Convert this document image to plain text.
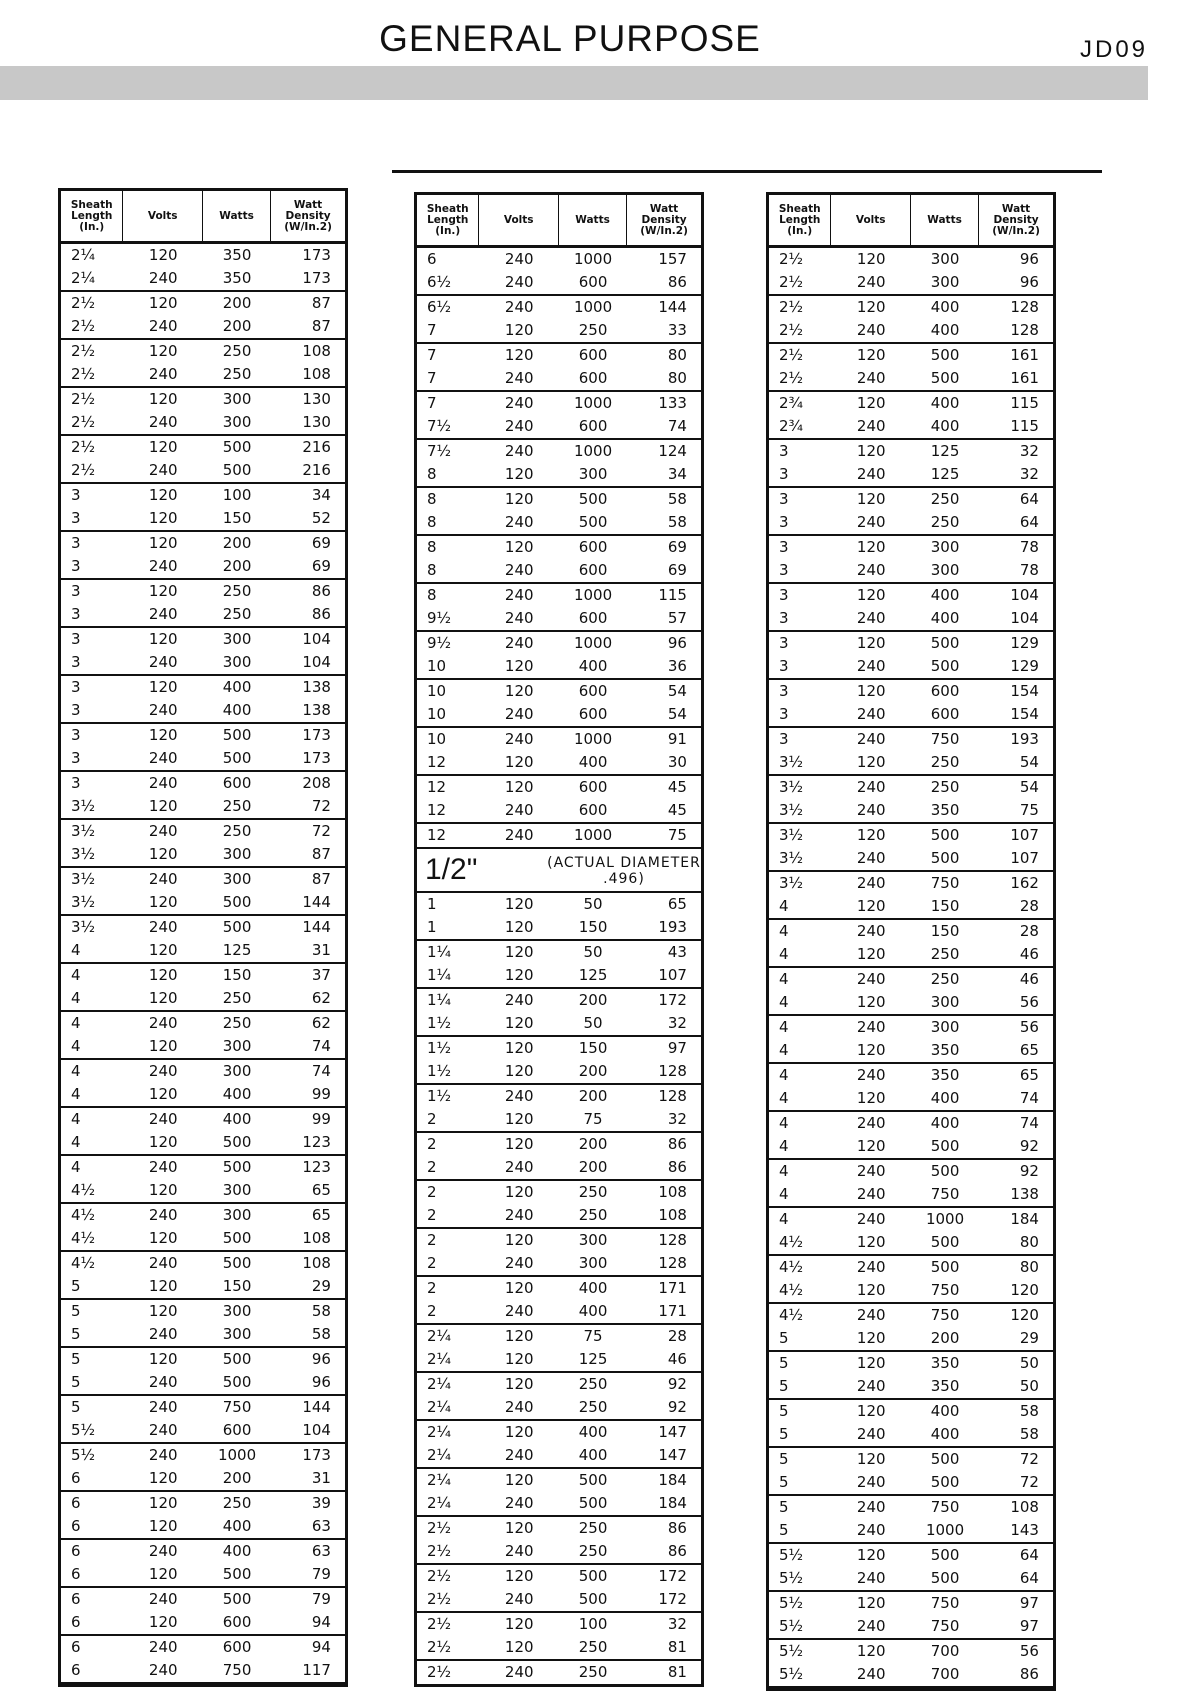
GENERAL PURPOSE	JD09
Sheath Length (In.)
Volts	Watts
Watt Density (W/In.2)
2¼	120	350	173
2¼	240	350	173
2½	120	200	87
2½	240	200	87
2½	120	250	108
2½	240	250	108
2½	120	300	130
2½	240	300	130
2½	120	500	216
2½	240	500	216
3	120	100	34
3	120	150	52
3	120	200	69
3	240	200	69
3	120	250	86
3	240	250	86
3	120	300	104
3	240	300	104
3	120	400	138
3	240	400	138
3	120	500	173
3	240	500	173
3	240	600	208
3½	120	250	72
3½	240	250	72
3½	120	300	87
3½	240	300	87
3½	120	500	144
3½	240	500	144
4	120	125	31
4	120	150	37
4	120	250	62
4	240	250	62
4	120	300	74
4	240	300	74
4	120	400	99
4	240	400	99
4	120	500	123
4	240	500	123
4½	120	300	65
4½	240	300	65
4½	120	500	108
4½	240	500	108
5	120	150	29
5	120	300	58
5	240	300	58
5	120	500	96
5	240	500	96
5	240	750	144
5½	240	600	104
5½	240	1000	173
6	120	200	31
6	120	250	39
6	120	400	63
6	240	400	63
6	120	500	79
6	240	500	79
6	120	600	94
6	240	600	94
6	240	750	117
Sheath Length (In.)
Volts	Watts
Watt Density (W/In.2)
6	240	1000	157
6½	240	600	86
6½	240	1000	144
7	120	250	33
7	120	600	80
7	240	600	80
7	240	1000	133
7½	240	600	74
7½	240	1000	124
8	120	300	34
8	120	500	58
8	240	500	58
8	120	600	69
8	240	600	69
8	240	1000	115
9½	240	600	57
9½	240	1000	96
10	120	400	36
10	120	600	54
10	240	600	54
10	240	1000	91
12	120	400	30
12	120	600	45
12	240	600	45
12	240	1000	75
1/2"	(ACTUAL DIAMETER .496)
1	120	50	65
1	120	150	193
1¼	120	50	43
1¼	120	125	107
1¼	240	200	172
1½	120	50	32
1½	120	150	97
1½	120	200	128
1½	240	200	128
2	120	75	32
2	120	200	86
2	240	200	86
2	120	250	108
2	240	250	108
2	120	300	128
2	240	300	128
2	120	400	171
2	240	400	171
2¼	120	75	28
2¼	120	125	46
2¼	120	250	92
2¼	240	250	92
2¼	120	400	147
2¼	240	400	147
2¼	120	500	184
2¼	240	500	184
2½	120	250	86
2½	240	250	86
2½	120	500	172
2½	240	500	172
2½	120	100	32
2½	120	250	81
2½	240	250	81
Sheath Length (In.)
Volts	Watts
Watt Density (W/In.2)
2½	120	300	96
2½	240	300	96
2½	120	400	128
2½	240	400	128
2½	120	500	161
2½	240	500	161
2¾	120	400	115
2¾	240	400	115
3	120	125	32
3	240	125	32
3	120	250	64
3	240	250	64
3	120	300	78
3	240	300	78
3	120	400	104
3	240	400	104
3	120	500	129
3	240	500	129
3	120	600	154
3	240	600	154
3	240	750	193
3½	120	250	54
3½	240	250	54
3½	240	350	75
3½	120	500	107
3½	240	500	107
3½	240	750	162
4	120	150	28
4	240	150	28
4	120	250	46
4	240	250	46
4	120	300	56
4	240	300	56
4	120	350	65
4	240	350	65
4	120	400	74
4	240	400	74
4	120	500	92
4	240	500	92
4	240	750	138
4	240	1000	184
4½	120	500	80
4½	240	500	80
4½	120	750	120
4½	240	750	120
5	120	200	29
5	120	350	50
5	240	350	50
5	120	400	58
5	240	400	58
5	120	500	72
5	240	500	72
5	240	750	108
5	240	1000	143
5½	120	500	64
5½	240	500	64
5½	120	750	97
5½	240	750	97
5½	120	700	56
5½	240	700	86
